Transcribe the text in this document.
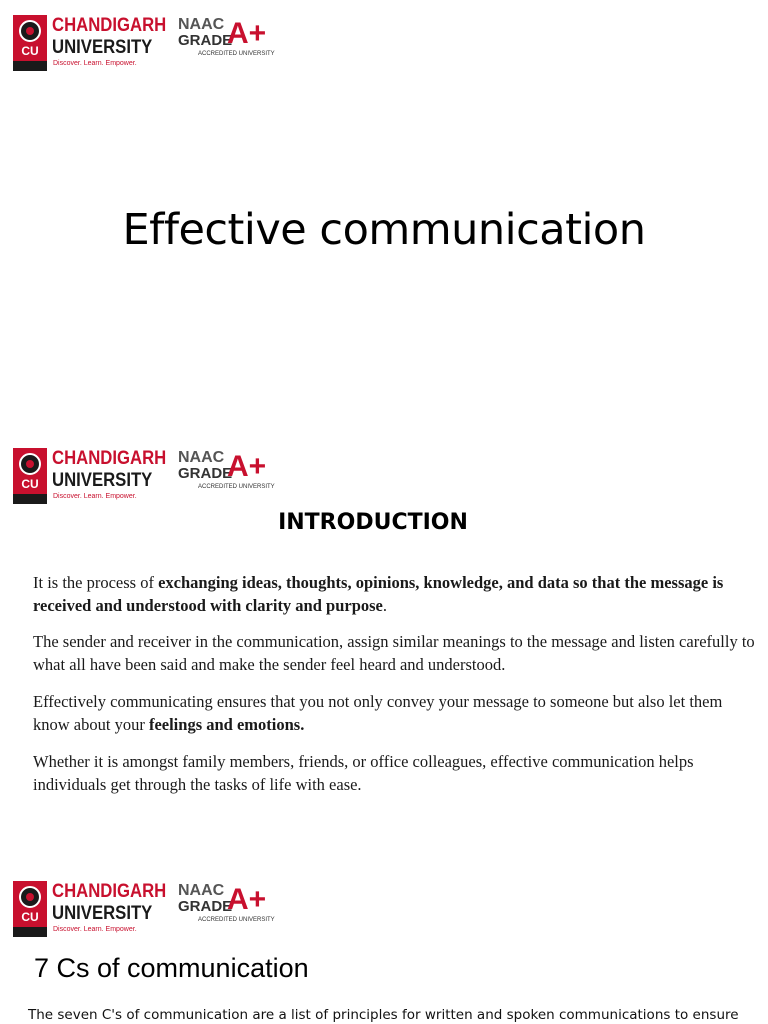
CU
CHANDIGARH
UNIVERSITY
Discover. Learn. Empower.
NAAC
GRADE
A+
ACCREDITED UNIVERSITY
Effective communication
CU
CHANDIGARH
UNIVERSITY
Discover. Learn. Empower.
NAAC
GRADE
A+
ACCREDITED UNIVERSITY
INTRODUCTION

It is the process of exchanging ideas, thoughts, opinions, knowledge, and data so that the message is received and understood with clarity and purpose.

The sender and receiver in the communication, assign similar meanings to the message and listen carefully to what all have been said and make the sender feel heard and understood.

Effectively communicating ensures that you not only convey your message to someone but also let them know about your feelings and emotions.

Whether it is amongst family members, friends, or office colleagues, effective communication helps individuals get through the tasks of life with ease.

CU
CHANDIGARH
UNIVERSITY
Discover. Learn. Empower.
NAAC
GRADE
A+
ACCREDITED UNIVERSITY
7 Cs of communication
The seven C's of communication are a list of principles for written and spoken communications to ensure
